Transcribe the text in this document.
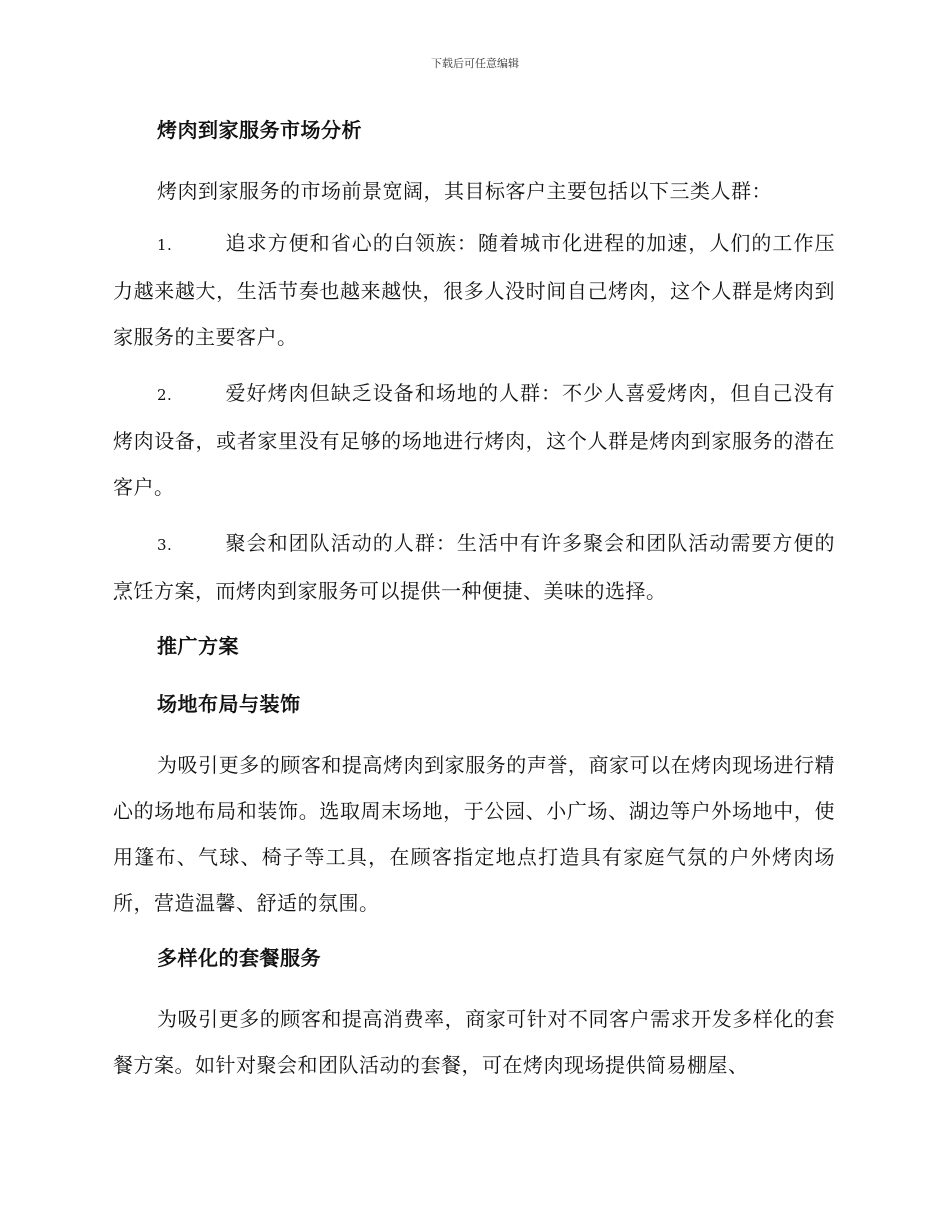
下载后可任意编辑
烤肉到家服务市场分析
烤肉到家服务的市场前景宽阔，其目标客户主要包括以下三类人群：
1.	追求方便和省心的白领族：随着城市化进程的加速，人们的工作压力越来越大，生活节奏也越来越快，很多人没时间自己烤肉，这个人群是烤肉到家服务的主要客户。
2.	爱好烤肉但缺乏设备和场地的人群：不少人喜爱烤肉，但自己没有烤肉设备，或者家里没有足够的场地进行烤肉，这个人群是烤肉到家服务的潜在客户。
3.	聚会和团队活动的人群：生活中有许多聚会和团队活动需要方便的烹饪方案，而烤肉到家服务可以提供一种便捷、美味的选择。
推广方案
场地布局与装饰
为吸引更多的顾客和提高烤肉到家服务的声誉，商家可以在烤肉现场进行精心的场地布局和装饰。选取周末场地，于公园、小广场、湖边等户外场地中，使用篷布、气球、椅子等工具，在顾客指定地点打造具有家庭气氛的户外烤肉场所，营造温馨、舒适的氛围。
多样化的套餐服务
为吸引更多的顾客和提高消费率，商家可针对不同客户需求开发多样化的套餐方案。如针对聚会和团队活动的套餐，可在烤肉现场提供简易棚屋、
